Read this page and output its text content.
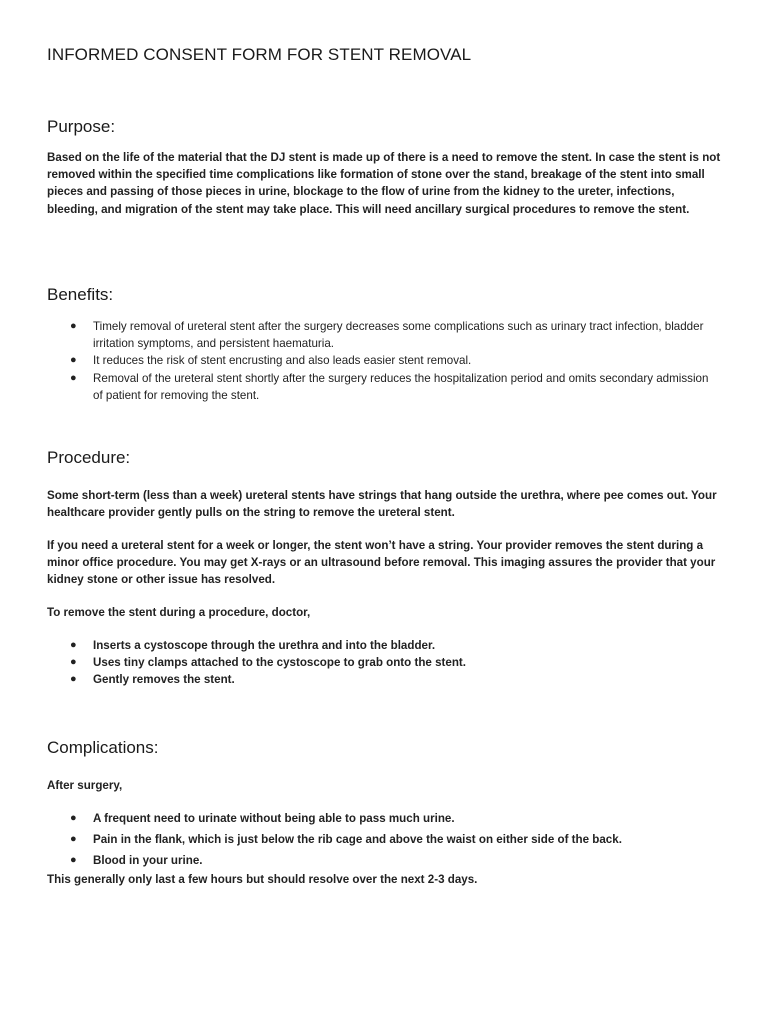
INFORMED CONSENT FORM FOR STENT REMOVAL
Purpose:

Based on the life of the material that the DJ stent is made up of there is a need to remove the stent. In case the stent is not removed within the specified time complications like formation of stone over the stand, breakage of the stent into small pieces and passing of those pieces in urine, blockage to the flow of urine from the kidney to the ureter, infections, bleeding, and migration of the stent may take place. This will need ancillary surgical procedures to remove the stent.

Benefits:
● Timely removal of ureteral stent after the surgery decreases some complications such as urinary tract infection, bladder irritation symptoms, and persistent haematuria.
● It reduces the risk of stent encrusting and also leads easier stent removal.
● Removal of the ureteral stent shortly after the surgery reduces the hospitalization period and omits secondary admission of patient for removing the stent.
Procedure:

Some short-term (less than a week) ureteral stents have strings that hang outside the urethra, where pee comes out. Your healthcare provider gently pulls on the string to remove the ureteral stent.

If you need a ureteral stent for a week or longer, the stent won’t have a string. Your provider removes the stent during a minor office procedure. You may get X-rays or an ultrasound before removal. This imaging assures the provider that your kidney stone or other issue has resolved.

To remove the stent during a procedure, doctor,

● Inserts a cystoscope through the urethra and into the bladder.
● Uses tiny clamps attached to the cystoscope to grab onto the stent.
● Gently removes the stent.
Complications:

After surgery,

● A frequent need to urinate without being able to pass much urine.
● Pain in the flank, which is just below the rib cage and above the waist on either side of the back.
● Blood in your urine.

This generally only last a few hours but should resolve over the next 2-3 days.
